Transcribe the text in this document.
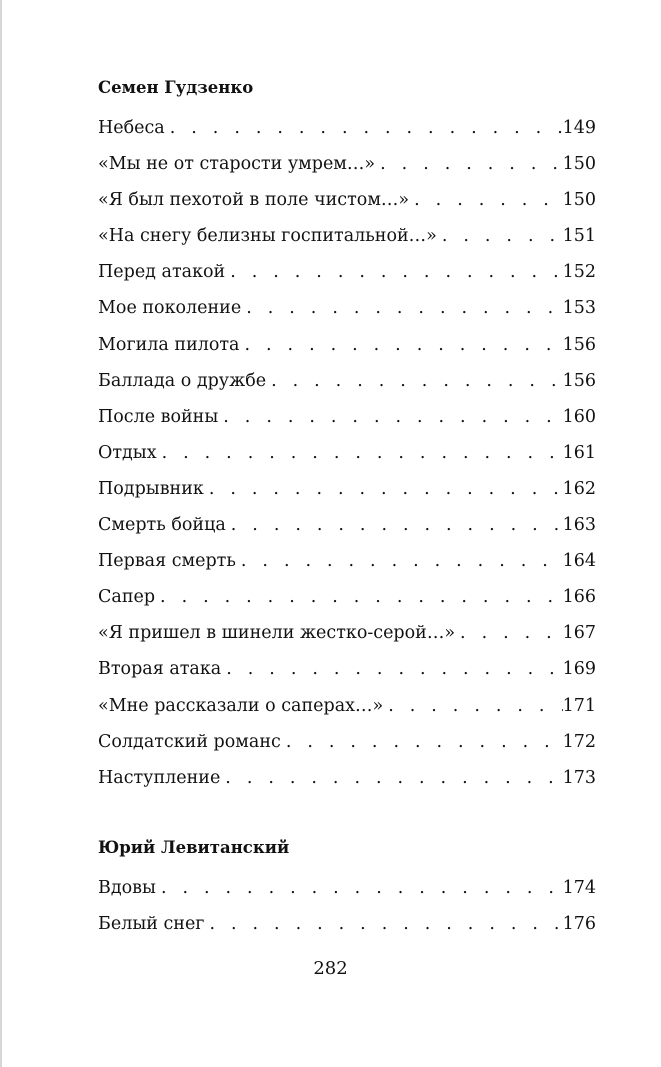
Семен Гудзенко
Небеса . . .	149
«Мы не от старости умрем…» . . .	150
«Я был пехотой в поле чистом…» . . .	150
«На снегу белизны госпитальной…» . . .	151
Перед атакой . . .	152
Мое поколение . . .	153
Могила пилота . . .	156
Баллада о дружбе . . .	156
После войны . . .	160
Отдых . . .	161
Подрывник . . .	162
Смерть бойца . . .	163
Первая смерть . . .	164
Сапер . . .	166
«Я пришел в шинели жестко-серой…» . . .	167
Вторая атака . . .	169
«Мне рассказали о саперах…» . . .	171
Солдатский романс . . .	172
Наступление . . .	173
Юрий Левитанский
Вдовы . . .	174
Белый снег . . .	176
282
